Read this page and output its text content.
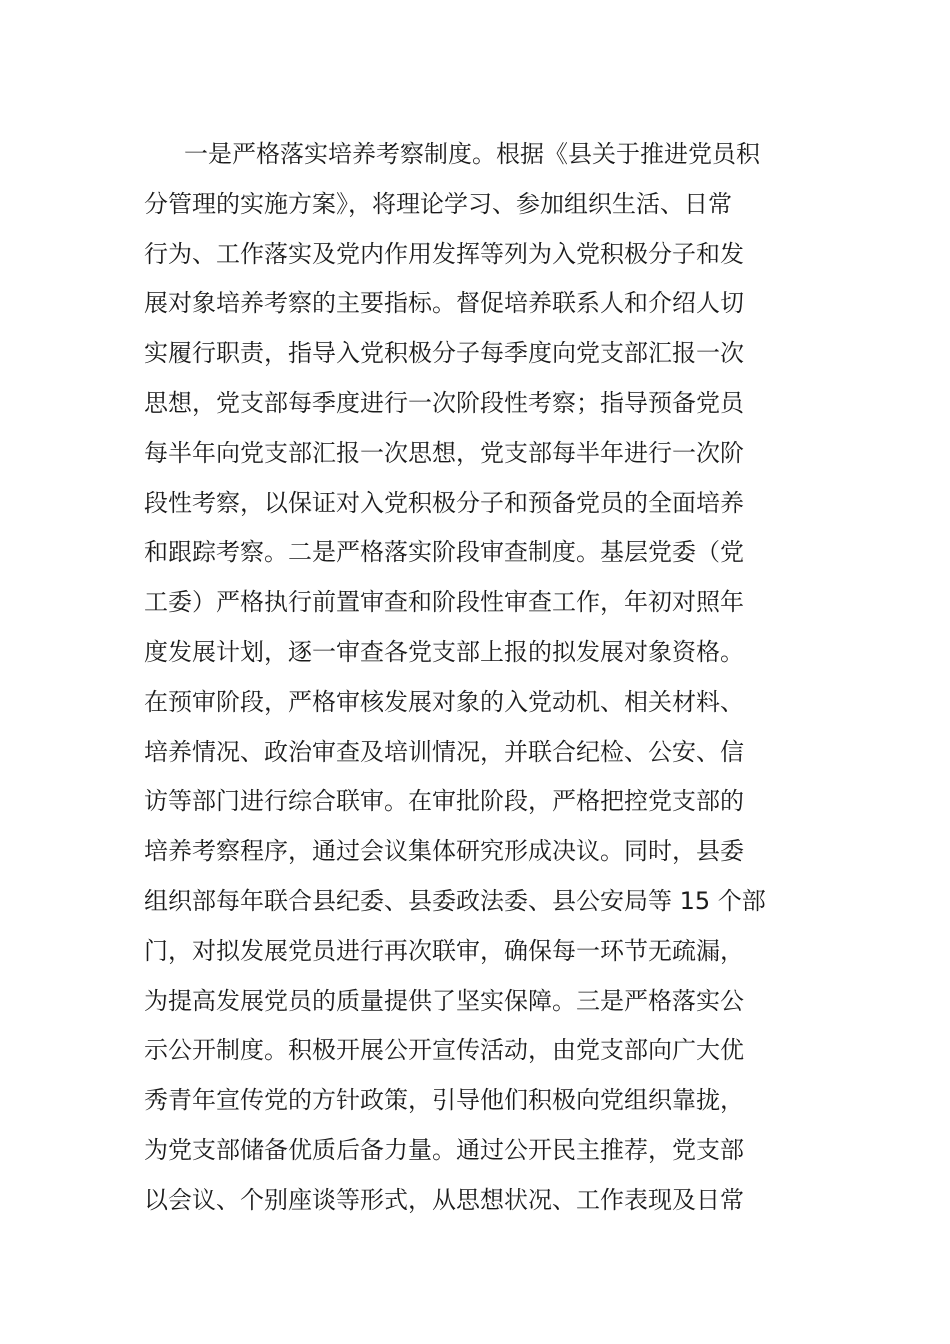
一是严格落实培养考察制度。根据《县关于推进党员积
分管理的实施方案》，将理论学习、参加组织生活、日常
行为、工作落实及党内作用发挥等列为入党积极分子和发
展对象培养考察的主要指标。督促培养联系人和介绍人切
实履行职责，指导入党积极分子每季度向党支部汇报一次
思想，党支部每季度进行一次阶段性考察；指导预备党员
每半年向党支部汇报一次思想，党支部每半年进行一次阶
段性考察，以保证对入党积极分子和预备党员的全面培养
和跟踪考察。二是严格落实阶段审查制度。基层党委（党
工委）严格执行前置审查和阶段性审查工作，年初对照年
度发展计划，逐一审查各党支部上报的拟发展对象资格。
在预审阶段，严格审核发展对象的入党动机、相关材料、
培养情况、政治审查及培训情况，并联合纪检、公安、信
访等部门进行综合联审。在审批阶段，严格把控党支部的
培养考察程序，通过会议集体研究形成决议。同时，县委
组织部每年联合县纪委、县委政法委、县公安局等 15 个部
门，对拟发展党员进行再次联审，确保每一环节无疏漏，
为提高发展党员的质量提供了坚实保障。三是严格落实公
示公开制度。积极开展公开宣传活动，由党支部向广大优
秀青年宣传党的方针政策，引导他们积极向党组织靠拢，
为党支部储备优质后备力量。通过公开民主推荐，党支部
以会议、个别座谈等形式，从思想状况、工作表现及日常
